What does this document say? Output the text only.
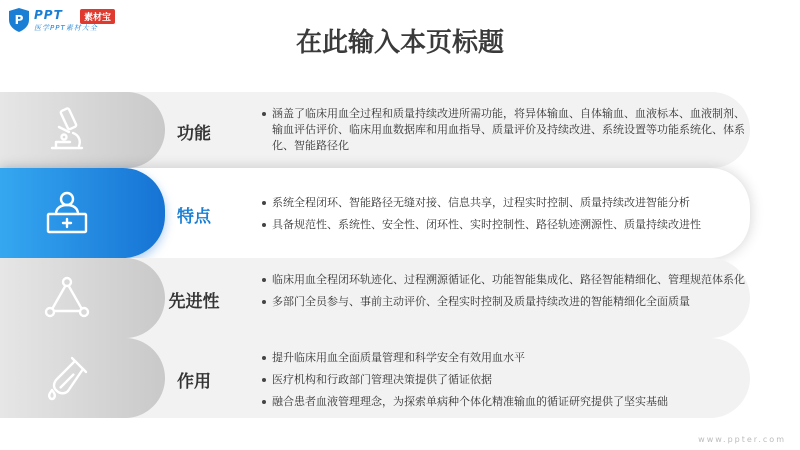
P PPT	素材宝
医学PPT素材大全	在此输入本页标题
功能
涵盖了临床用血全过程和质量持续改进所需功能，将异体输血、自体输血、血液标本、血液制剂、输血评估评价、临床用血数据库和用血指导、质量评价及持续改进、系统设置等功能系统化、体系化、智能路径化
特点
系统全程闭环、智能路径无缝对接、信息共享，过程实时控制、质量持续改进智能分析
具备规范性、系统性、安全性、闭环性、实时控制性、路径轨迹溯源性、质量持续改进性
先进性
临床用血全程闭环轨迹化、过程溯源循证化、功能智能集成化、路径智能精细化、管理规范体系化
多部门全员参与、事前主动评价、全程实时控制及质量持续改进的智能精细化全面质量
作用
提升临床用血全面质量管理和科学安全有效用血水平
医疗机构和行政部门管理决策提供了循证依据
融合患者血液管理理念，为探索单病种个体化精准输血的循证研究提供了坚实基础
www.ppter.com
